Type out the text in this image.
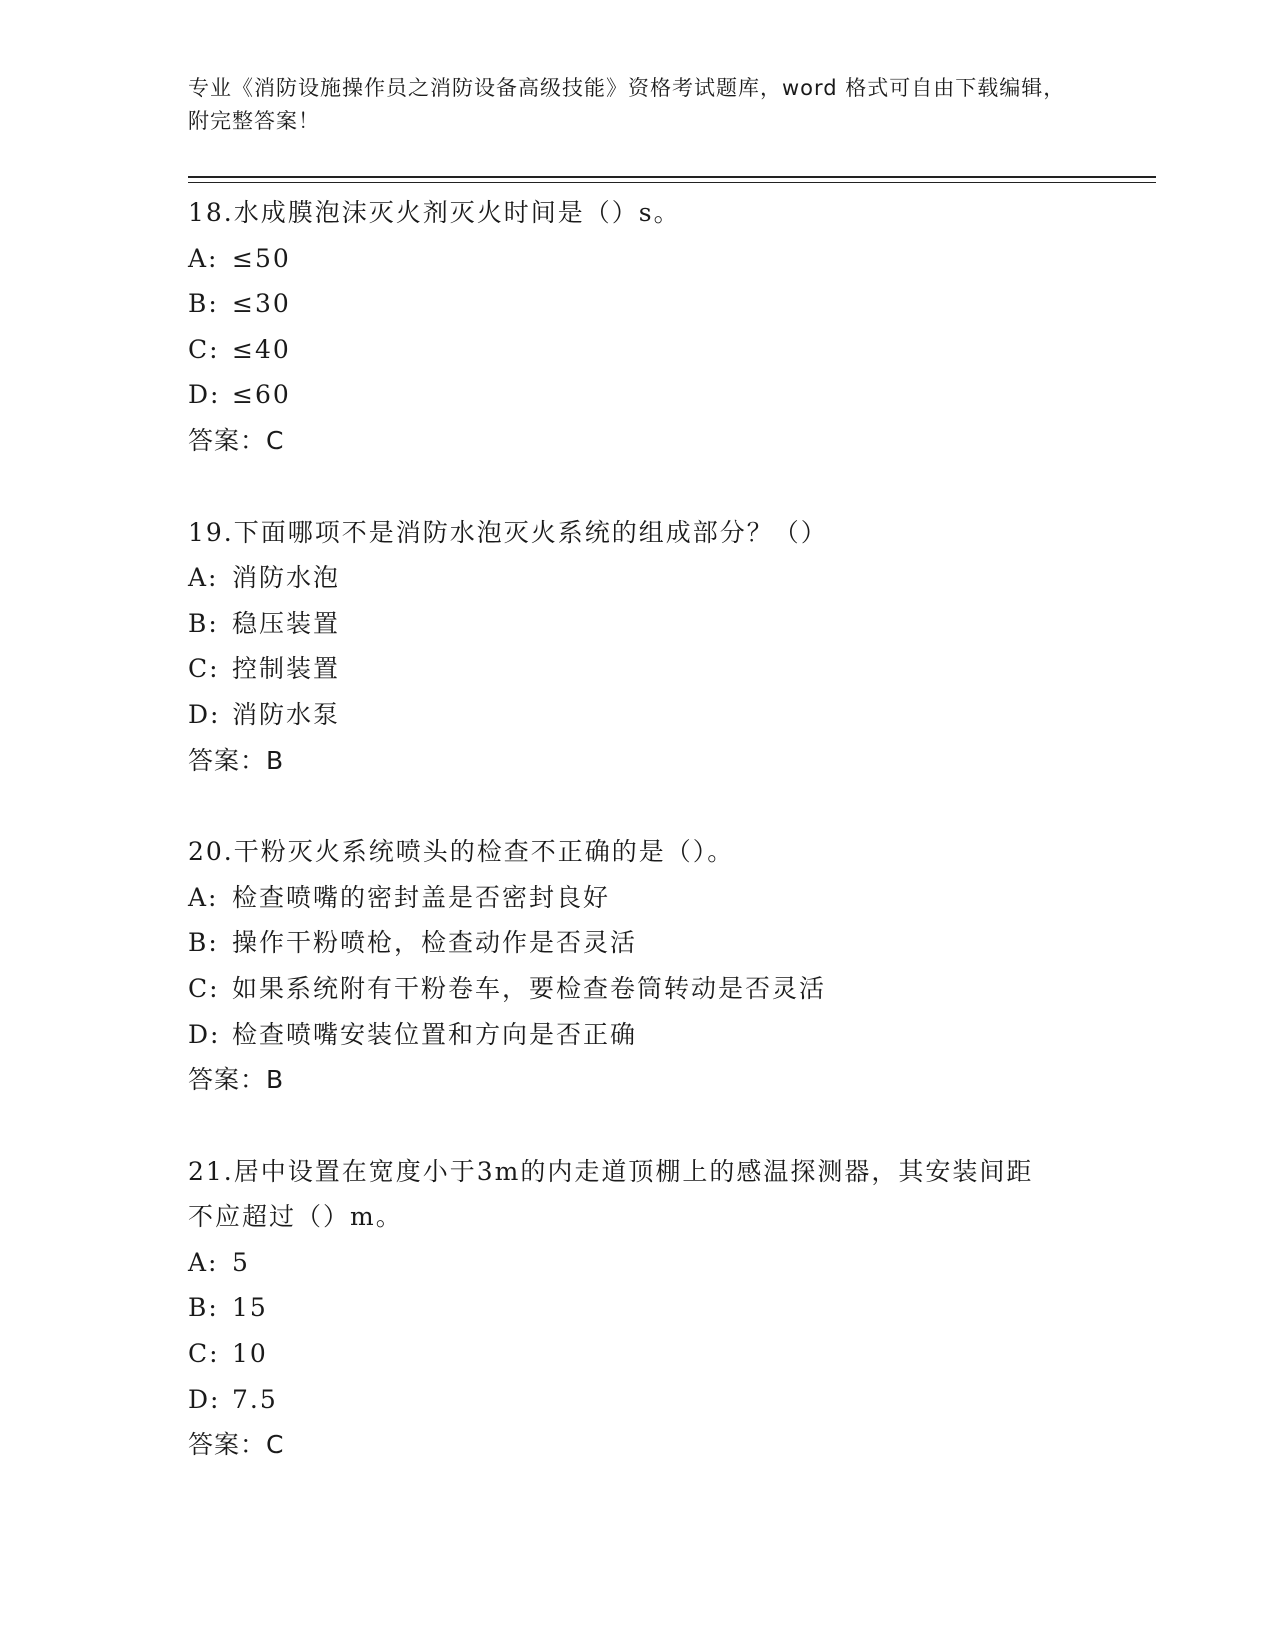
专业《消防设施操作员之消防设备高级技能》资格考试题库，word 格式可自由下载编辑，附完整答案！
18.水成膜泡沫灭火剂灭火时间是（）s。
A: ≤50
B: ≤30
C: ≤40
D: ≤60
答案：C
19.下面哪项不是消防水泡灭火系统的组成部分？（）
A: 消防水泡
B: 稳压装置
C: 控制装置
D: 消防水泵
答案：B
20.干粉灭火系统喷头的检查不正确的是（）。
A: 检查喷嘴的密封盖是否密封良好
B: 操作干粉喷枪，检查动作是否灵活
C: 如果系统附有干粉卷车，要检查卷筒转动是否灵活
D: 检查喷嘴安装位置和方向是否正确
答案：B
21.居中设置在宽度小于3m的内走道顶棚上的感温探测器，其安装间距不应超过（）m。
A: 5
B: 15
C: 10
D: 7.5
答案：C
